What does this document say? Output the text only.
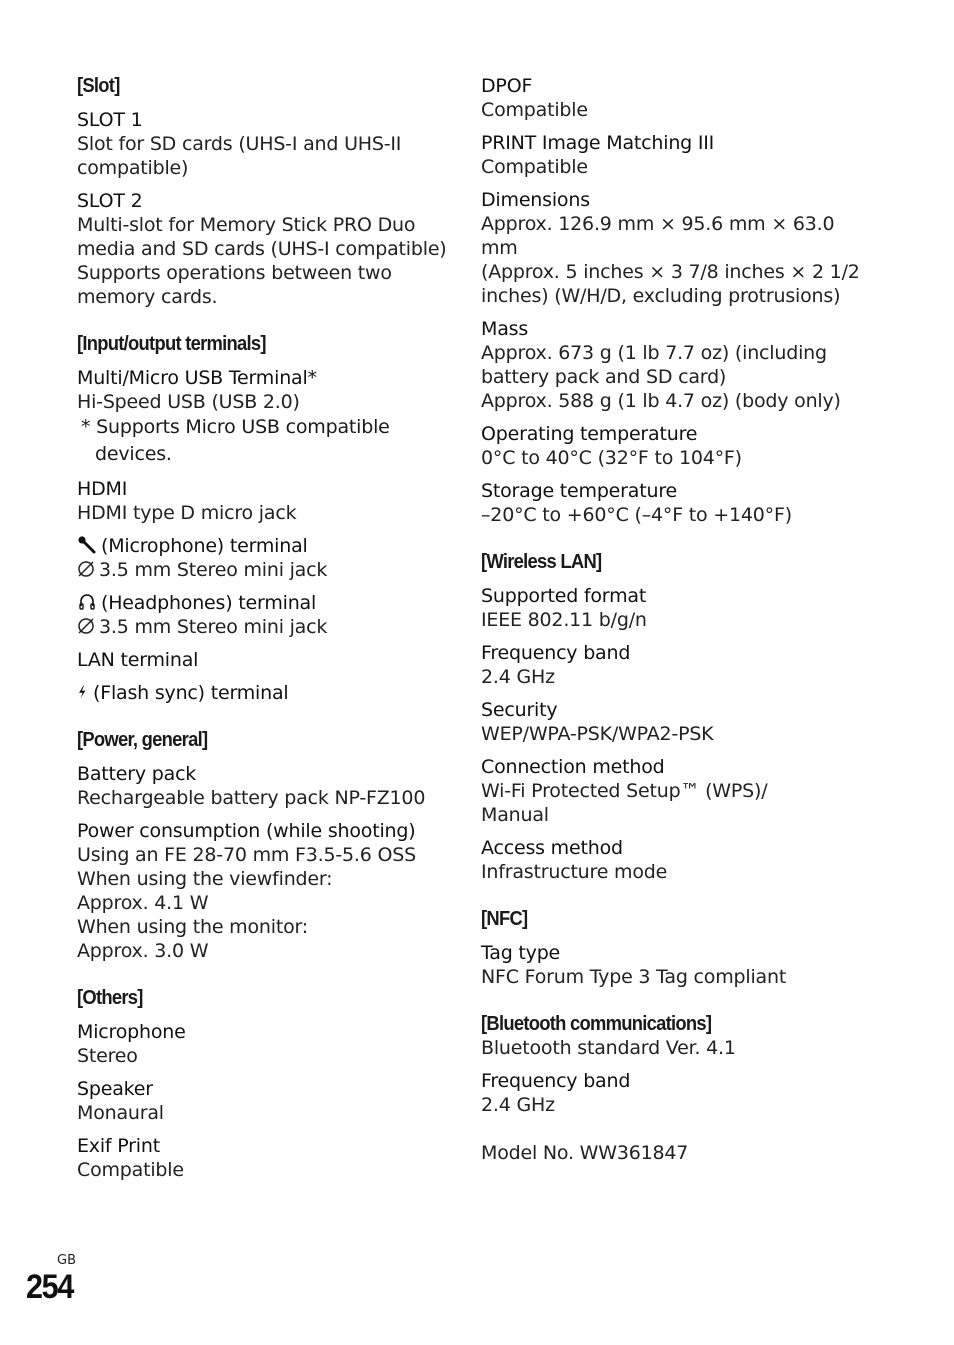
[Slot]
SLOT 1
Slot for SD cards (UHS-I and UHS-II compatible)
SLOT 2
Multi-slot for Memory Stick PRO Duo media and SD cards (UHS-I compatible)
Supports operations between two memory cards.
[Input/output terminals]
Multi/Micro USB Terminal*
Hi-Speed USB (USB 2.0)
* Supports Micro USB compatible devices.
HDMI
HDMI type D micro jack
(Microphone) terminal
3.5 mm Stereo mini jack
(Headphones) terminal
3.5 mm Stereo mini jack
LAN terminal
(Flash sync) terminal
[Power, general]
Battery pack
Rechargeable battery pack NP-FZ100
Power consumption (while shooting)
Using an FE 28-70 mm F3.5-5.6 OSS
When using the viewfinder:
Approx. 4.1 W
When using the monitor:
Approx. 3.0 W
[Others]
Microphone
Stereo
Speaker
Monaural
Exif Print
Compatible
DPOF
Compatible
PRINT Image Matching III
Compatible
Dimensions
Approx. 126.9 mm × 95.6 mm × 63.0 mm
(Approx. 5 inches × 3 7/8 inches × 2 1/2 inches) (W/H/D, excluding protrusions)
Mass
Approx. 673 g (1 lb 7.7 oz) (including battery pack and SD card)
Approx. 588 g (1 lb 4.7 oz) (body only)
Operating temperature
0°C to 40°C (32°F to 104°F)
Storage temperature
–20°C to +60°C (–4°F to +140°F)
[Wireless LAN]
Supported format
IEEE 802.11 b/g/n
Frequency band
2.4 GHz
Security
WEP/WPA-PSK/WPA2-PSK
Connection method
Wi-Fi Protected Setup™ (WPS)/ Manual
Access method
Infrastructure mode
[NFC]
Tag type
NFC Forum Type 3 Tag compliant
[Bluetooth communications]
Bluetooth standard Ver. 4.1
Frequency band
2.4 GHz
Model No. WW361847
GB
254
